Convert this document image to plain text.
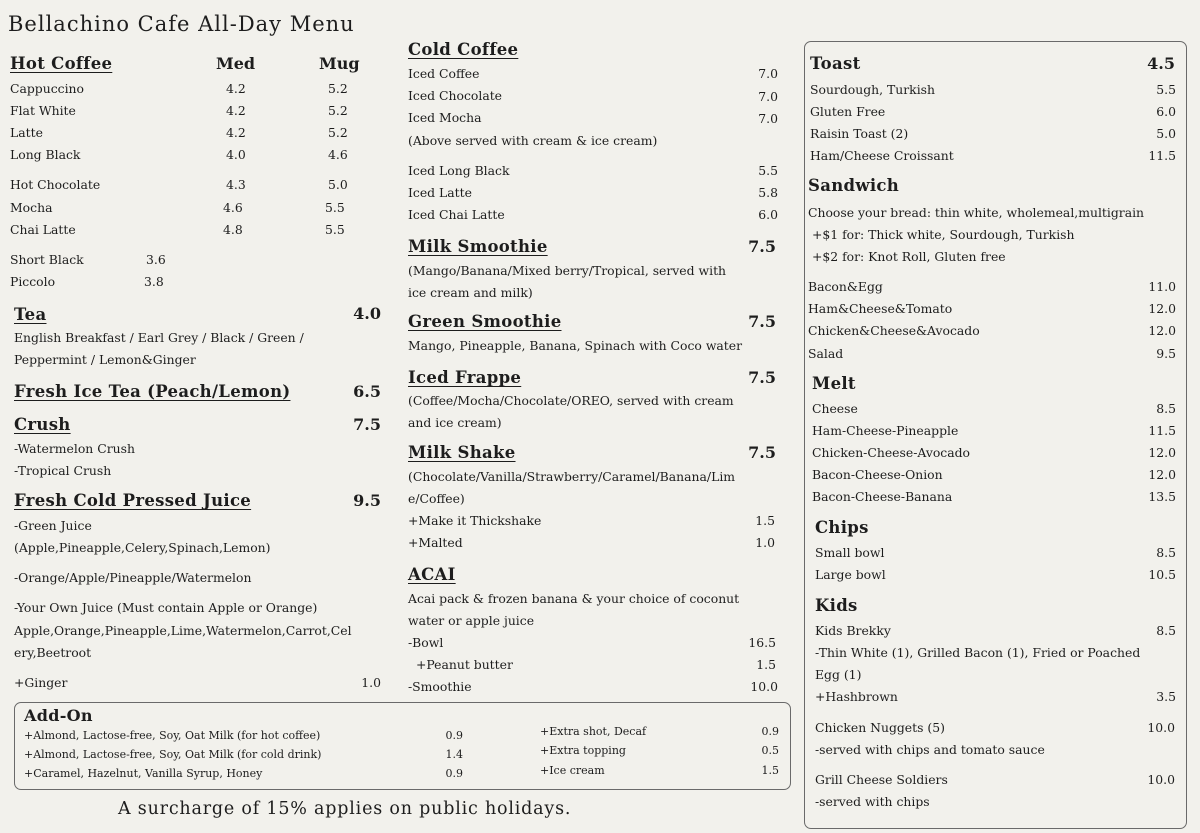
Bellachino Cafe All-Day Menu
Hot Coffee	Med	Mug
Cappuccino	4.2	5.2
Flat White	4.2	5.2
Latte	4.2	5.2
Long Black	4.0	4.6
Hot Chocolate	4.3	5.0
Mocha	4.6	5.5
Chai Latte	4.8	5.5
Short Black	3.6
Piccolo	3.8
Tea	4.0
English Breakfast / Earl Grey / Black / Green /
Peppermint / Lemon&Ginger
Fresh Ice Tea (Peach/Lemon)	6.5
Crush	7.5
-Watermelon Crush
-Tropical Crush
Fresh Cold Pressed Juice	9.5
-Green Juice
(Apple,Pineapple,Celery,Spinach,Lemon)
-Orange/Apple/Pineapple/Watermelon
-Your Own Juice (Must contain Apple or Orange)
Apple,Orange,Pineapple,Lime,Watermelon,Carrot,Cel
ery,Beetroot
+Ginger	1.0
Cold Coffee
Iced Coffee	7.0
Iced Chocolate	7.0
Iced Mocha	7.0
(Above served with cream & ice cream)
Iced Long Black	5.5
Iced Latte	5.8
Iced Chai Latte	6.0
Milk Smoothie	7.5
(Mango/Banana/Mixed berry/Tropical, served with
ice cream and milk)
Green Smoothie	7.5
Mango, Pineapple, Banana, Spinach with Coco water
Iced Frappe	7.5
(Coffee/Mocha/Chocolate/OREO, served with cream
and ice cream)
Milk Shake	7.5
(Chocolate/Vanilla/Strawberry/Caramel/Banana/Lim
e/Coffee)
+Make it Thickshake	1.5
+Malted	1.0
ACAI
Acai pack & frozen banana & your choice of coconut
water or apple juice
-Bowl	16.5
+Peanut butter	1.5
-Smoothie	10.0
Add-On
+Almond, Lactose-free, Soy, Oat Milk (for hot coffee)	0.9
+Almond, Lactose-free, Soy, Oat Milk (for cold drink)	1.4
+Caramel, Hazelnut, Vanilla Syrup, Honey	0.9
+Extra shot, Decaf	0.9
+Extra topping	0.5
+Ice cream	1.5
A surcharge of 15% applies on public holidays.
Toast	4.5
Sourdough, Turkish	5.5
Gluten Free	6.0
Raisin Toast (2)	5.0
Ham/Cheese Croissant	11.5
Sandwich
Choose your bread: thin white, wholemeal,multigrain
+$1 for: Thick white, Sourdough, Turkish
+$2 for: Knot Roll, Gluten free
Bacon&Egg	11.0
Ham&Cheese&Tomato	12.0
Chicken&Cheese&Avocado	12.0
Salad	9.5
Melt
Cheese	8.5
Ham-Cheese-Pineapple	11.5
Chicken-Cheese-Avocado	12.0
Bacon-Cheese-Onion	12.0
Bacon-Cheese-Banana	13.5
Chips
Small bowl	8.5
Large bowl	10.5
Kids
Kids Brekky	8.5
-Thin White (1), Grilled Bacon (1), Fried or Poached
Egg (1)
+Hashbrown	3.5
Chicken Nuggets (5)	10.0
-served with chips and tomato sauce
Grill Cheese Soldiers	10.0
-served with chips
